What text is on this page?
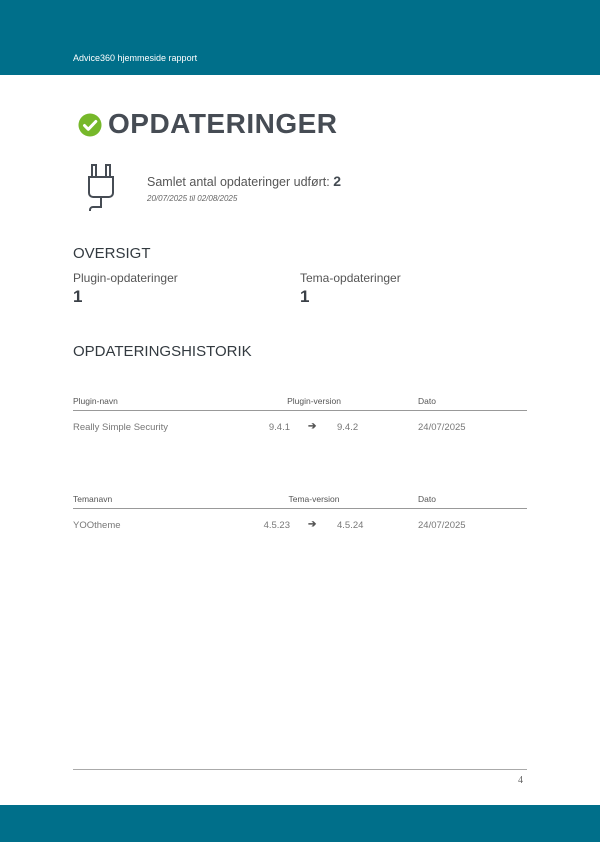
Advice360 hjemmeside rapport
OPDATERINGER
Samlet antal opdateringer udført: 2
20/07/2025 til 02/08/2025
OVERSIGT
Plugin-opdateringer
1
Tema-opdateringer
1
OPDATERINGSHISTORIK
Plugin-navn	Plugin-version	Dato
Really Simple Security	9.4.1 ➔ 9.4.2	24/07/2025
Temanavn	Tema-version	Dato
YOOtheme	4.5.23 ➔ 4.5.24	24/07/2025
4
